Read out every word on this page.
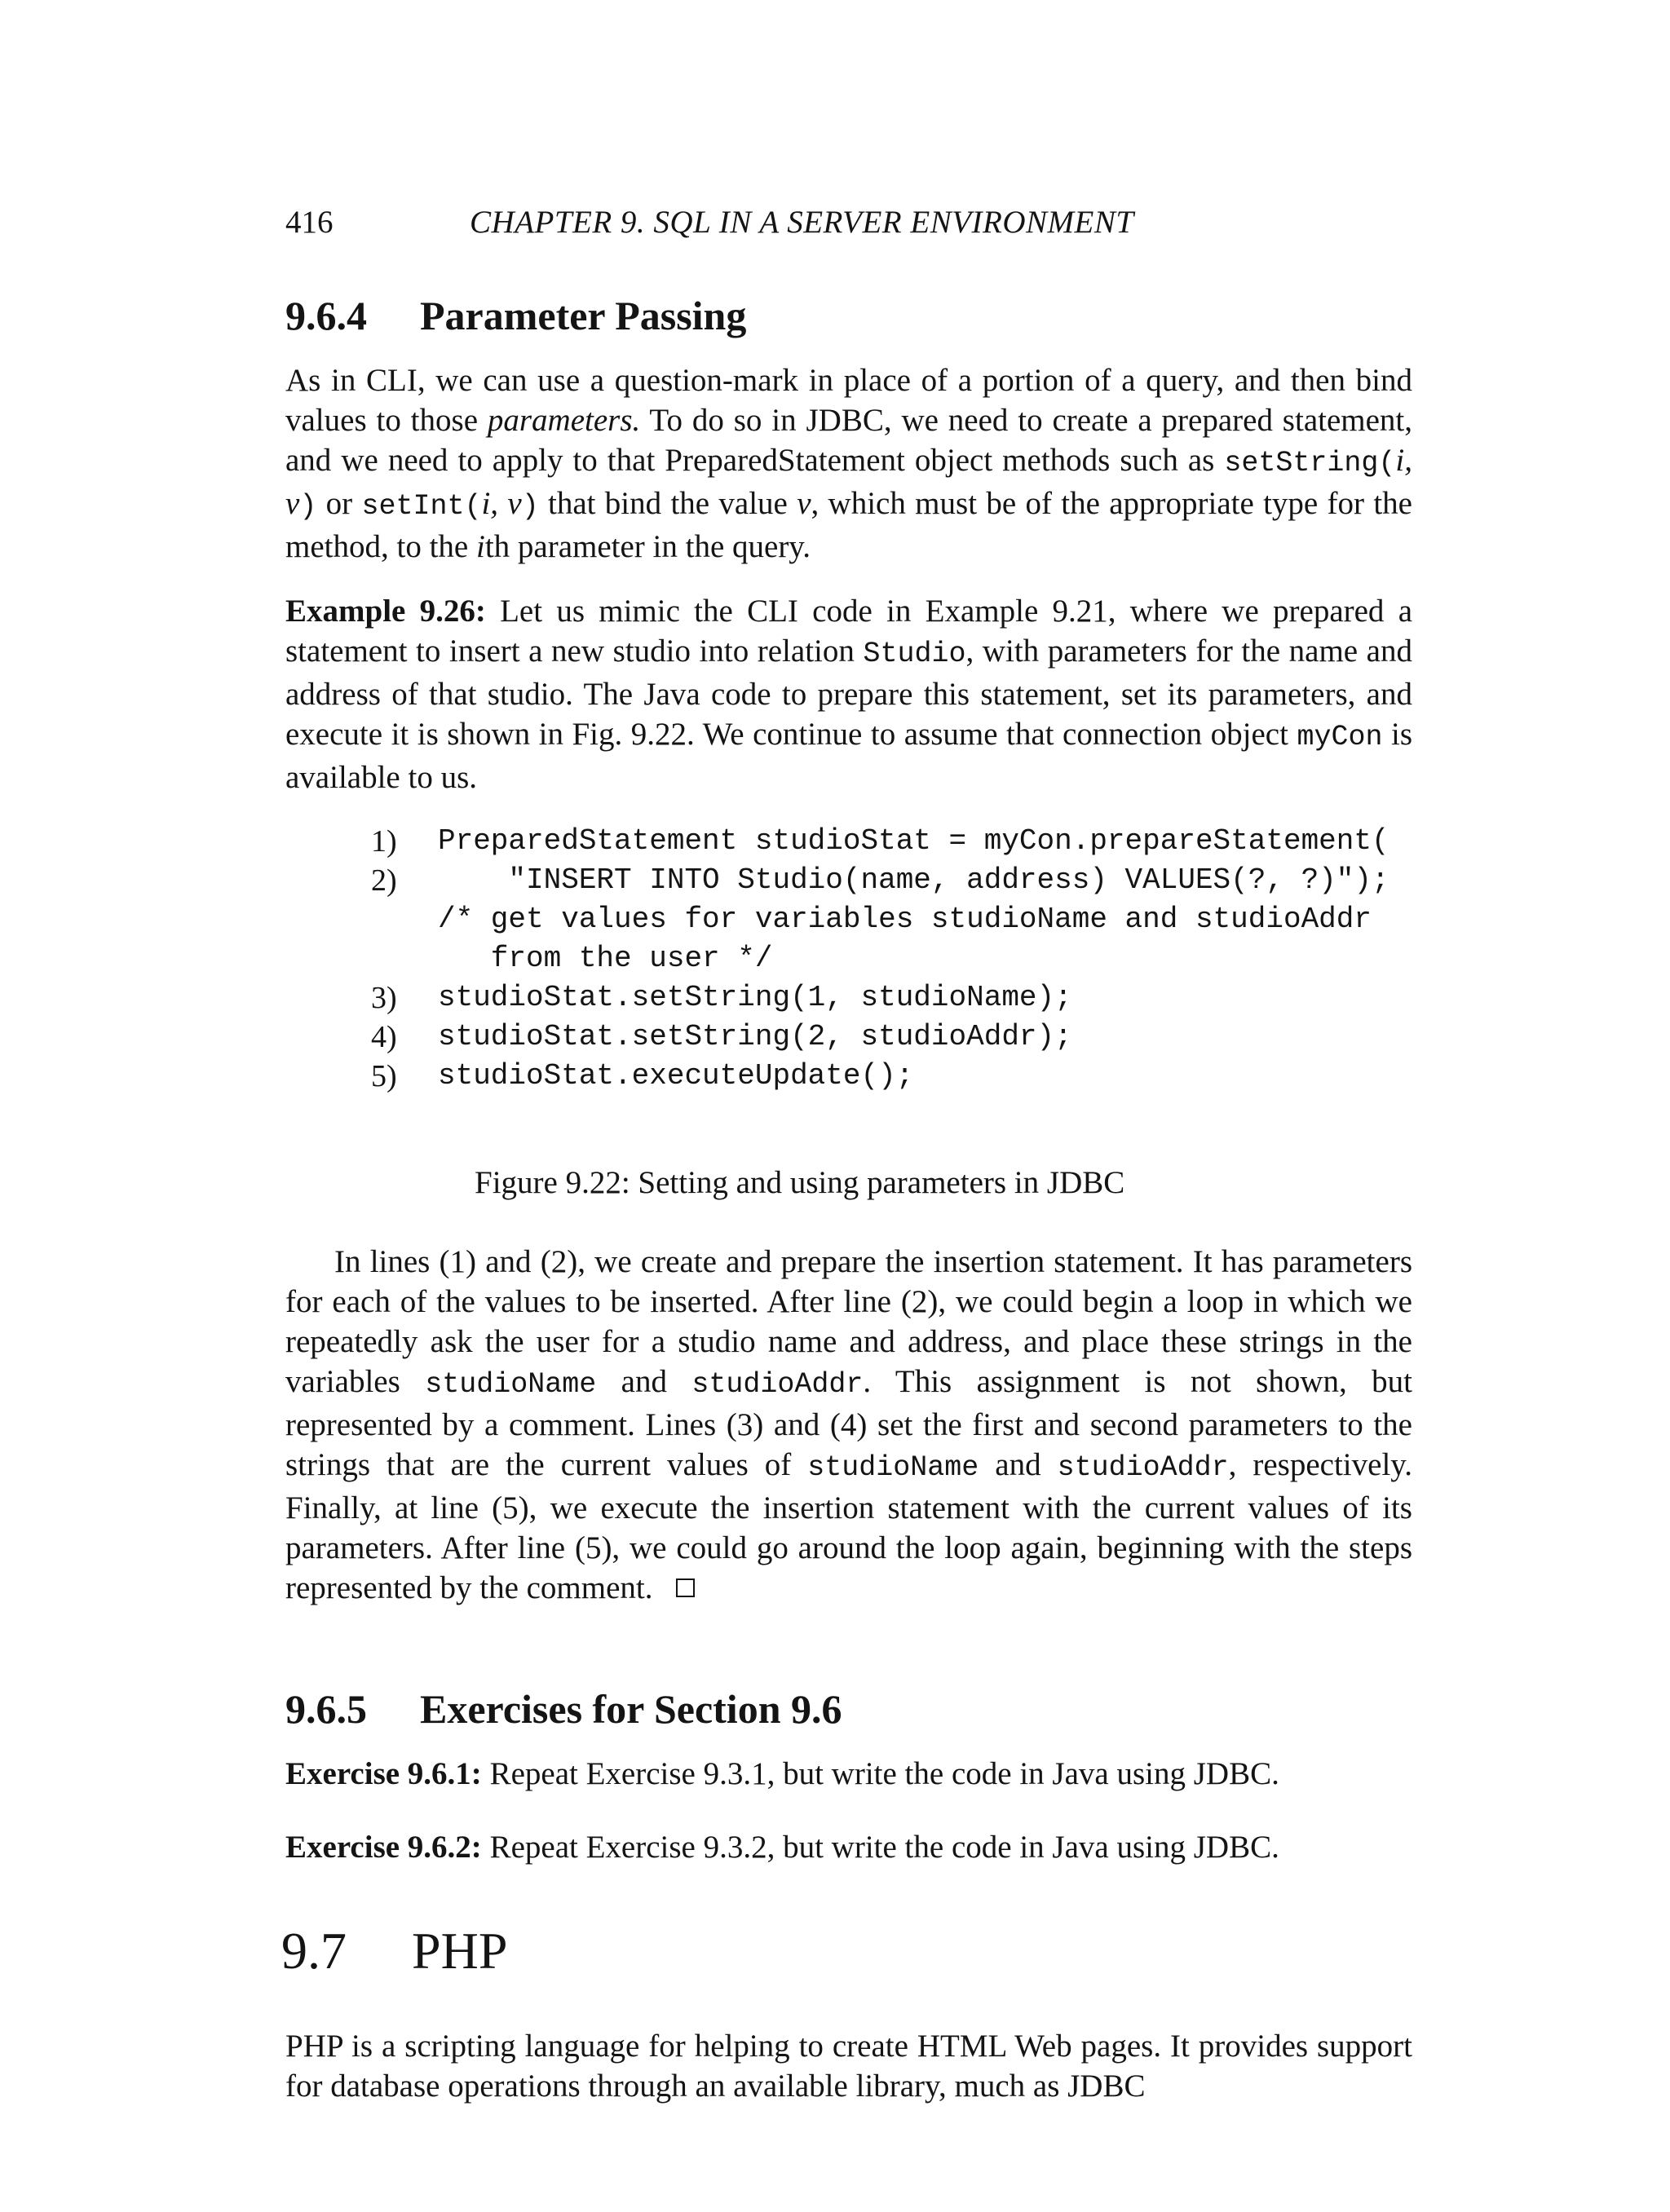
416	CHAPTER 9. SQL IN A SERVER ENVIRONMENT
9.6.4 Parameter Passing
As in CLI, we can use a question-mark in place of a portion of a query, and then bind values to those parameters. To do so in JDBC, we need to create a prepared statement, and we need to apply to that PreparedStatement object methods such as setString(i, v) or setInt(i, v) that bind the value v, which must be of the appropriate type for the method, to the ith parameter in the query.
Example 9.26: Let us mimic the CLI code in Example 9.21, where we prepared a statement to insert a new studio into relation Studio, with parameters for the name and address of that studio. The Java code to prepare this statement, set its parameters, and execute it is shown in Fig. 9.22. We continue to assume that connection object myCon is available to us.
1)	PreparedStatement studioStat = myCon.prepareStatement(
2)	"INSERT INTO Studio(name, address) VALUES(?, ?)");
/* get values for variables studioName and studioAddr
from the user */
3)	studioStat.setString(1, studioName);
4)	studioStat.setString(2, studioAddr);
5)	studioStat.executeUpdate();
Figure 9.22: Setting and using parameters in JDBC
In lines (1) and (2), we create and prepare the insertion statement. It has parameters for each of the values to be inserted. After line (2), we could begin a loop in which we repeatedly ask the user for a studio name and address, and place these strings in the variables studioName and studioAddr. This assignment is not shown, but represented by a comment. Lines (3) and (4) set the first and second parameters to the strings that are the current values of studioName and studioAddr, respectively. Finally, at line (5), we execute the insertion statement with the current values of its parameters. After line (5), we could go around the loop again, beginning with the steps represented by the comment.
9.6.5 Exercises for Section 9.6
Exercise 9.6.1: Repeat Exercise 9.3.1, but write the code in Java using JDBC.
Exercise 9.6.2: Repeat Exercise 9.3.2, but write the code in Java using JDBC.
9.7 PHP
PHP is a scripting language for helping to create HTML Web pages. It provides support for database operations through an available library, much as JDBC
